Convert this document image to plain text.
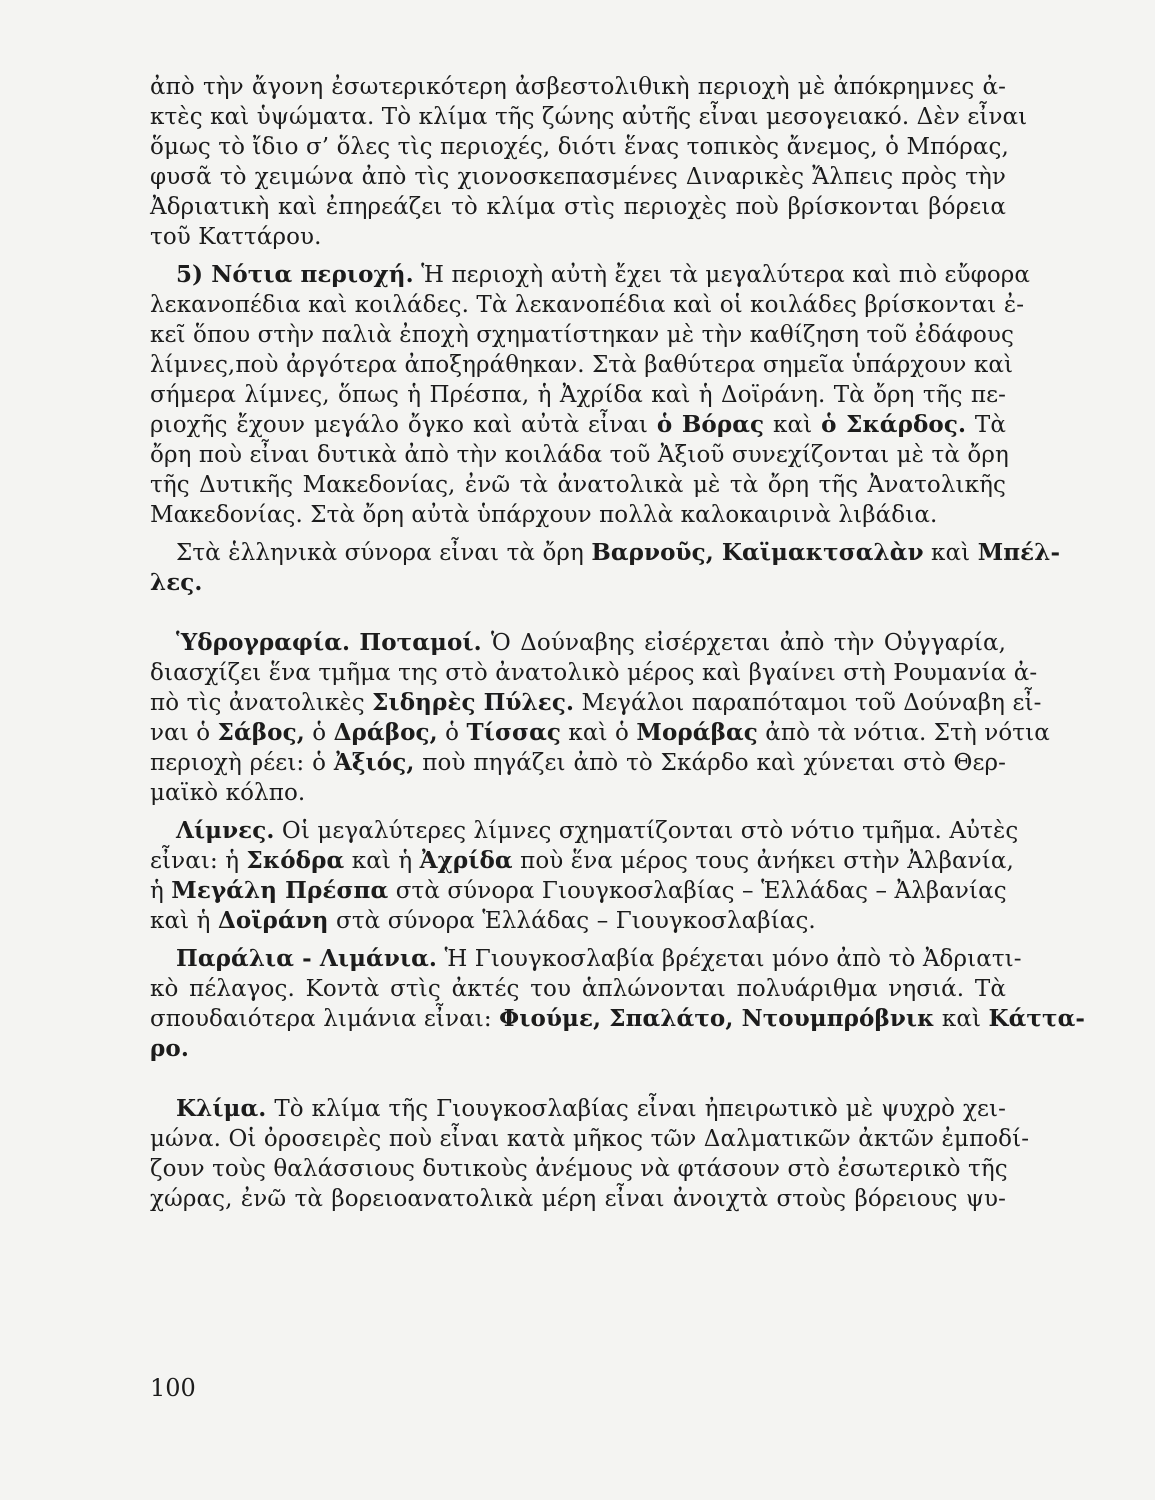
ἀπὸ τὴν ἄγονη ἐσωτερικότερη ἀσβεστολιθικὴ περιοχὴ μὲ ἀπόκρημνες ἀ-
κτὲς καὶ ὑψώματα. Τὸ κλίμα τῆς ζώνης αὐτῆς εἶναι μεσογειακό. Δὲν εἶναι
ὅμως τὸ ἴδιο σ’ ὅλες τὶς περιοχές, διότι ἕνας τοπικὸς ἄνεμος, ὁ Μπόρας,
φυσᾶ τὸ χειμώνα ἀπὸ τὶς χιονοσκεπασμένες Διναρικὲς Ἄλπεις πρὸς τὴν
Ἀδριατικὴ καὶ ἐπηρεάζει τὸ κλίμα στὶς περιοχὲς ποὺ βρίσκονται βόρεια
τοῦ Καττάρου.
5) Νότια περιοχή. Ἡ περιοχὴ αὐτὴ ἔχει τὰ μεγαλύτερα καὶ πιὸ εὔφορα
λεκανοπέδια καὶ κοιλάδες. Τὰ λεκανοπέδια καὶ οἱ κοιλάδες βρίσκονται ἐ-
κεῖ ὅπου στὴν παλιὰ ἐποχὴ σχηματίστηκαν μὲ τὴν καθίζηση τοῦ ἐδάφους
λίμνες,ποὺ ἀργότερα ἀποξηράθηκαν. Στὰ βαθύτερα σημεῖα ὑπάρχουν καὶ
σήμερα λίμνες, ὅπως ἡ Πρέσπα, ἡ Ἀχρίδα καὶ ἡ Δοϊράνη. Τὰ ὄρη τῆς πε-
ριοχῆς ἔχουν μεγάλο ὄγκο καὶ αὐτὰ εἶναι ὁ Βόρας καὶ ὁ Σκάρδος. Τὰ
ὄρη ποὺ εἶναι δυτικὰ ἀπὸ τὴν κοιλάδα τοῦ Ἀξιοῦ συνεχίζονται μὲ τὰ ὄρη
τῆς Δυτικῆς Μακεδονίας, ἐνῶ τὰ ἀνατολικὰ μὲ τὰ ὄρη τῆς Ἀνατολικῆς
Μακεδονίας. Στὰ ὄρη αὐτὰ ὑπάρχουν πολλὰ καλοκαιρινὰ λιβάδια.
Στὰ ἑλληνικὰ σύνορα εἶναι τὰ ὄρη Βαρνοῦς, Καϊμακτσαλὰν καὶ Μπέλ-
λες.
Ὑδρογραφία. Ποταμοί. Ὁ Δούναβης εἰσέρχεται ἀπὸ τὴν Οὐγγαρία,
διασχίζει ἕνα τμῆμα της στὸ ἀνατολικὸ μέρος καὶ βγαίνει στὴ Ρουμανία ἀ-
πὸ τὶς ἀνατολικὲς Σιδηρὲς Πύλες. Μεγάλοι παραπόταμοι τοῦ Δούναβη εἶ-
ναι ὁ Σάβος, ὁ Δράβος, ὁ Τίσσας καὶ ὁ Μοράβας ἀπὸ τὰ νότια. Στὴ νότια
περιοχὴ ρέει: ὁ Ἀξιός, ποὺ πηγάζει ἀπὸ τὸ Σκάρδο καὶ χύνεται στὸ Θερ-
μαϊκὸ κόλπο.
Λίμνες. Οἱ μεγαλύτερες λίμνες σχηματίζονται στὸ νότιο τμῆμα. Αὐτὲς
εἶναι: ἡ Σκόδρα καὶ ἡ Ἀχρίδα ποὺ ἕνα μέρος τους ἀνήκει στὴν Ἀλβανία,
ἡ Μεγάλη Πρέσπα στὰ σύνορα Γιουγκοσλαβίας – Ἑλλάδας – Ἀλβανίας
καὶ ἡ Δοϊράνη στὰ σύνορα Ἑλλάδας – Γιουγκοσλαβίας.
Παράλια - Λιμάνια. Ἡ Γιουγκοσλαβία βρέχεται μόνο ἀπὸ τὸ Ἀδριατι-
κὸ πέλαγος. Κοντὰ στὶς ἀκτές του ἁπλώνονται πολυάριθμα νησιά. Τὰ
σπουδαιότερα λιμάνια εἶναι: Φιούμε, Σπαλάτο, Ντουμπρόβνικ καὶ Κάττα-
ρο.
Κλίμα. Τὸ κλίμα τῆς Γιουγκοσλαβίας εἶναι ἠπειρωτικὸ μὲ ψυχρὸ χει-
μώνα. Οἱ ὀροσειρὲς ποὺ εἶναι κατὰ μῆκος τῶν Δαλματικῶν ἀκτῶν ἐμποδί-
ζουν τοὺς θαλάσσιους δυτικοὺς ἀνέμους νὰ φτάσουν στὸ ἐσωτερικὸ τῆς
χώρας, ἐνῶ τὰ βορειοανατολικὰ μέρη εἶναι ἀνοιχτὰ στοὺς βόρειους ψυ-
100
